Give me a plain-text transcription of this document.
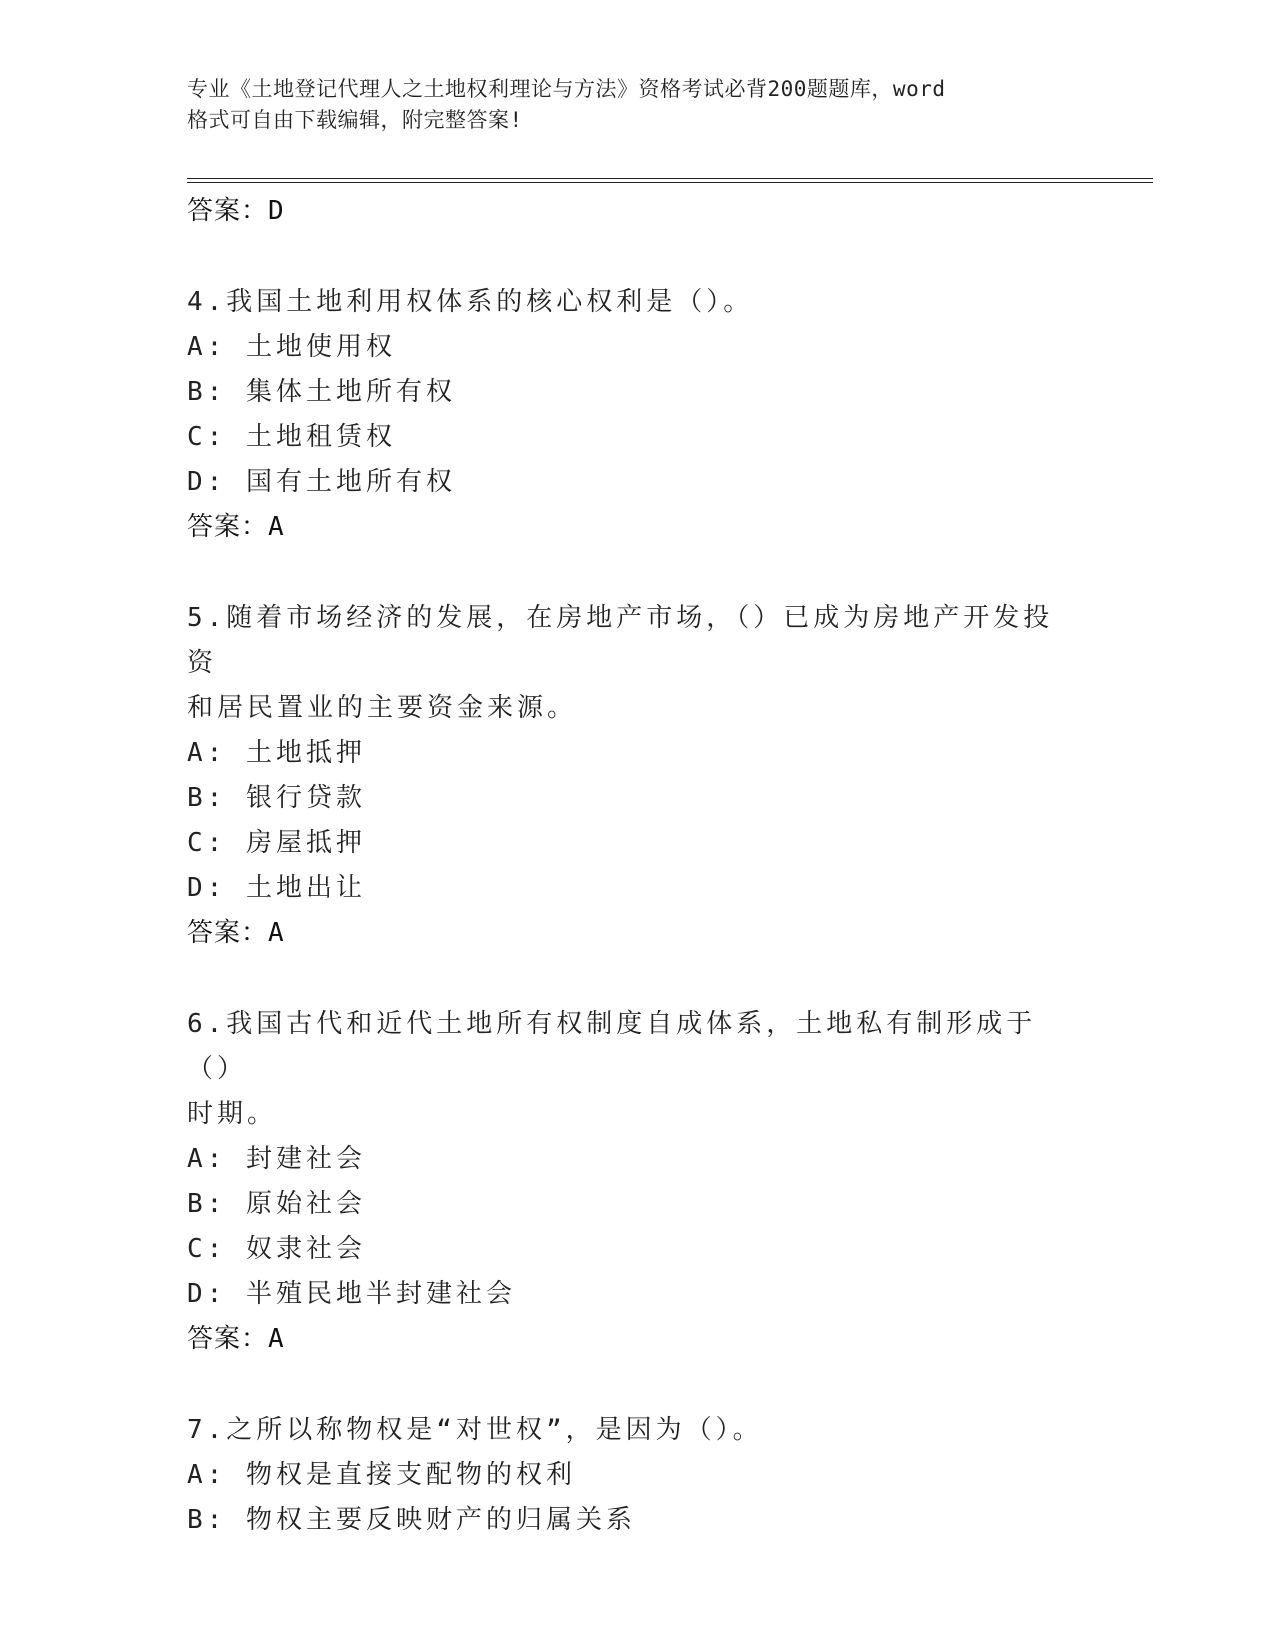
专业《土地登记代理人之土地权利理论与方法》资格考试必背200题题库，word
格式可自由下载编辑，附完整答案!
答案：D
4.我国土地利用权体系的核心权利是（）。
A: 土地使用权
B: 集体土地所有权
C: 土地租赁权
D: 国有土地所有权
答案：A
5.随着市场经济的发展，在房地产市场，（）已成为房地产开发投资
和居民置业的主要资金来源。
A: 土地抵押
B: 银行贷款
C: 房屋抵押
D: 土地出让
答案：A
6.我国古代和近代土地所有权制度自成体系，土地私有制形成于（）
时期。
A: 封建社会
B: 原始社会
C: 奴隶社会
D: 半殖民地半封建社会
答案：A
7.之所以称物权是“对世权”，是因为（）。
A: 物权是直接支配物的权利
B: 物权主要反映财产的归属关系
